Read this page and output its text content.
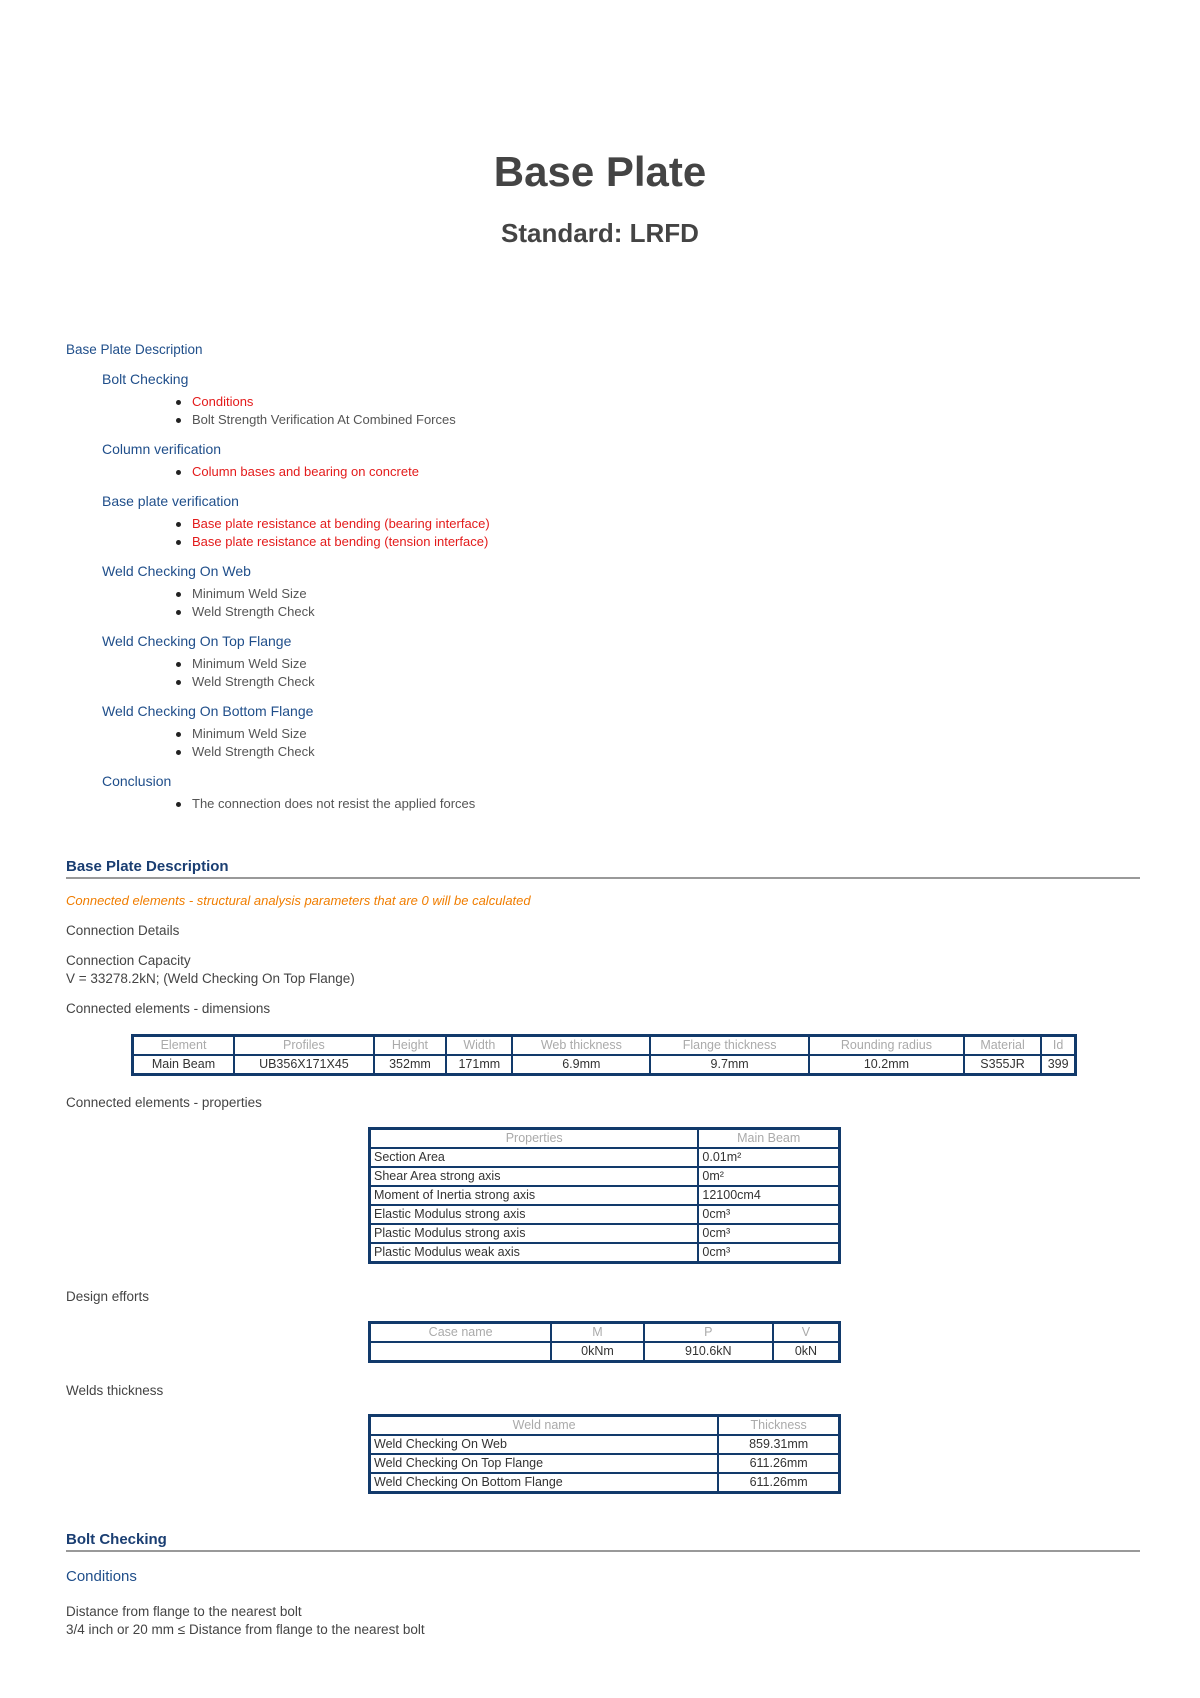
Base Plate
Standard: LRFD
Base Plate Description
Bolt Checking
Conditions
Bolt Strength Verification At Combined Forces
Column verification
Column bases and bearing on concrete
Base plate verification
Base plate resistance at bending (bearing interface)
Base plate resistance at bending (tension interface)
Weld Checking On Web
Minimum Weld Size
Weld Strength Check
Weld Checking On Top Flange
Minimum Weld Size
Weld Strength Check
Weld Checking On Bottom Flange
Minimum Weld Size
Weld Strength Check
Conclusion
The connection does not resist the applied forces
Base Plate Description
Connected elements - structural analysis parameters that are 0 will be calculated
Connection Details
Connection Capacity
V = 33278.2kN; (Weld Checking On Top Flange)
Connected elements - dimensions
Element	Profiles	Height	Width	Web thickness	Flange thickness	Rounding radius	Material	Id
Main Beam	UB356X171X45	352mm	171mm	6.9mm	9.7mm	10.2mm	S355JR	399
Connected elements - properties
Properties	Main Beam
Section Area	0.01m²
Shear Area strong axis	0m²
Moment of Inertia strong axis	12100cm4
Elastic Modulus strong axis	0cm³
Plastic Modulus strong axis	0cm³
Plastic Modulus weak axis	0cm³
Design efforts
Case name	M	P	V
	0kNm	910.6kN	0kN
Welds thickness
Weld name	Thickness
Weld Checking On Web	859.31mm
Weld Checking On Top Flange	611.26mm
Weld Checking On Bottom Flange	611.26mm
Bolt Checking
Conditions
Distance from flange to the nearest bolt
3/4 inch or 20 mm ≤ Distance from flange to the nearest bolt
